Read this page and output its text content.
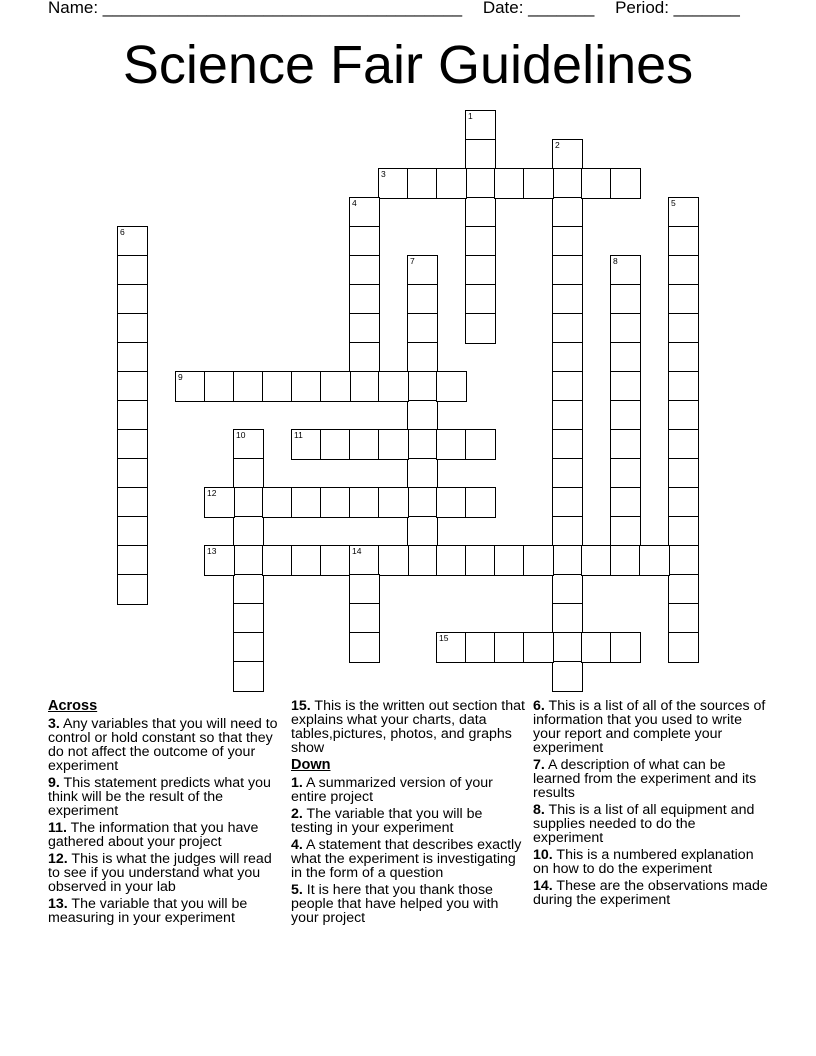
Name: ______________________________________ Date: _______ Period: _______
Science Fair Guidelines
1
2
3
4	5
6
7	8
9
10	11
12
13	14
15
Across
3. Any variables that you will need to control or hold constant so that they do not affect the outcome of your experiment
9. This statement predicts what you think will be the result of the experiment
11. The information that you have gathered about your project
12. This is what the judges will read to see if you understand what you observed in your lab
13. The variable that you will be measuring in your experiment
15. This is the written out section that explains what your charts, data tables,pictures, photos, and graphs show
Down
1. A summarized version of your entire project
2. The variable that you will be testing in your experiment
4. A statement that describes exactly what the experiment is investigating in the form of a question
5. It is here that you thank those people that have helped you with your project
6. This is a list of all of the sources of information that you used to write your report and complete your experiment
7. A description of what can be learned from the experiment and its results
8. This is a list of all equipment and supplies needed to do the experiment
10. This is a numbered explanation on how to do the experiment
14. These are the observations made during the experiment
